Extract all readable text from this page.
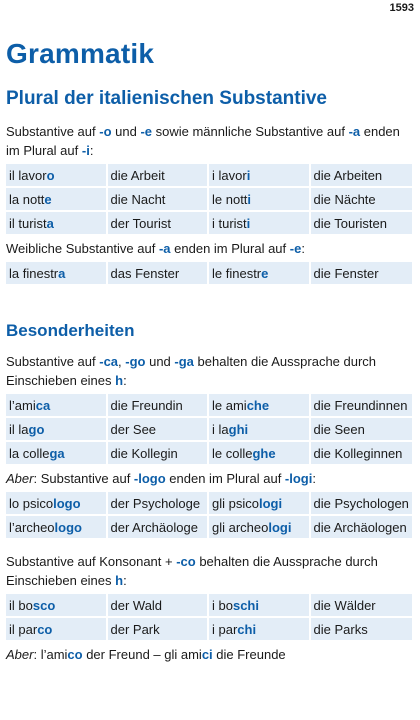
1593
Grammatik
Plural der italienischen Substantive

Substantive auf -o und -e sowie männliche Substantive auf -a enden im Plural auf -i:

il lavoro	die Arbeit	i lavori	die Arbeiten
la notte	die Nacht	le notti	die Nächte
il turista	der Tourist	i turisti	die Touristen

Weibliche Substantive auf -a enden im Plural auf -e:

la finestra	das Fenster	le finestre	die Fenster
Besonderheiten

Substantive auf -ca, -go und -ga behalten die Aussprache durch Einschieben eines h:

l’amica	die Freundin	le amiche	die Freundinnen
il lago	der See	i laghi	die Seen
la collega	die Kollegin	le colleghe	die Kolleginnen

Aber: Substantive auf -logo enden im Plural auf -logi:

lo psicologo	der Psychologe	gli psicologi	die Psychologen
l’archeologo	der Archäologe	gli archeologi	die Archäologen

Substantive auf Konsonant + -co behalten die Aussprache durch Einschieben eines h:

il bosco	der Wald	i boschi	die Wälder
il parco	der Park	i parchi	die Parks

Aber: l’amico der Freund – gli amici die Freunde
